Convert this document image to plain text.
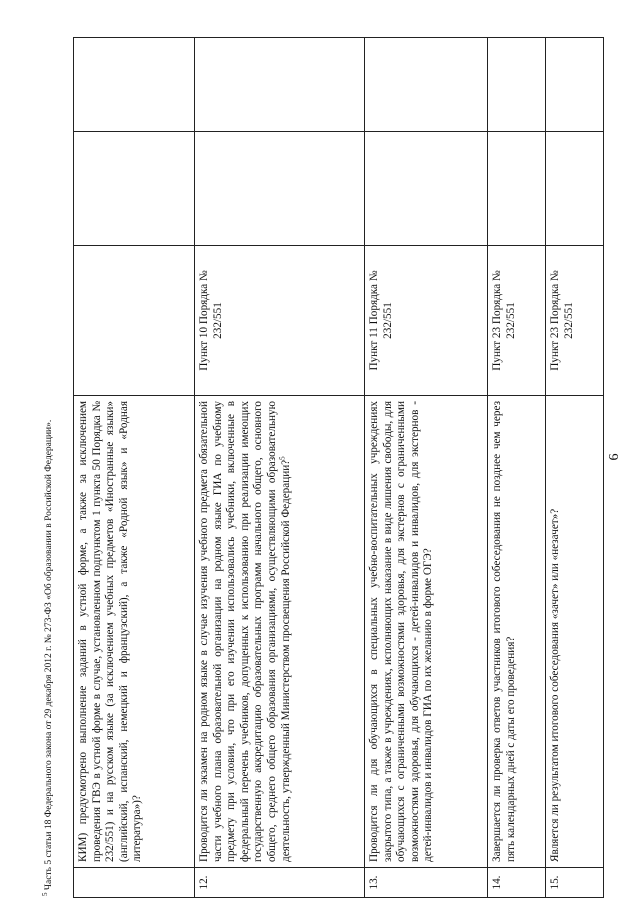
6
	КИМ) предусмотрено выполнение заданий в устной форме, а также за исключением проведения ГВЭ в устной форме в случае, установленном подпунктом 1 пункта 50 Порядка № 232/551) и на русском языке (за исключением учебных предметов «Иностранные языки» (английский, испанский, немецкий и французский), а также «Родной язык» и «Родная литература»)?			
12.	Проводится ли экзамен на родном языке в случае изучения учебного предмета обязательной части учебного плана образовательной организации на родном языке ГИА по учебному предмету при условии, что при его изучении использовались учебники, включенные в федеральный перечень учебников, допущенных к использованию при реализации имеющих государственную аккредитацию образовательных программ начального общего, основного общего, среднего общего образования организациями, осуществляющими образовательную деятельность, утвержденный Министерством просвещения Российской Федерации?$^5$	Пункт 10 Порядка № 232/551		
13.	Проводится ли для обучающихся в специальных учебно-воспитательных учреждениях закрытого типа, а также в учреждениях, исполняющих наказание в виде лишения свободы, для обучающихся с ограниченными возможностями здоровья, для экстернов с ограниченными возможностями здоровья, для обучающихся - детей-инвалидов и инвалидов, для экстернов - детей-инвалидов и инвалидов ГИА по их желанию в форме ОГЭ?	Пункт 11 Порядка № 232/551		
14.	Завершается ли проверка ответов участников итогового собеседования не позднее чем через пять календарных дней с даты его проведения?	Пункт 23 Порядка № 232/551		
15.	Является ли результатом итогового собеседования «зачет» или «незачет»?	Пункт 23 Порядка № 232/551		
$^5$ Часть 5 статьи 18 Федерального закона от 29 декабря 2012 г. № 273-ФЗ «Об образовании в Российской Федерации».
